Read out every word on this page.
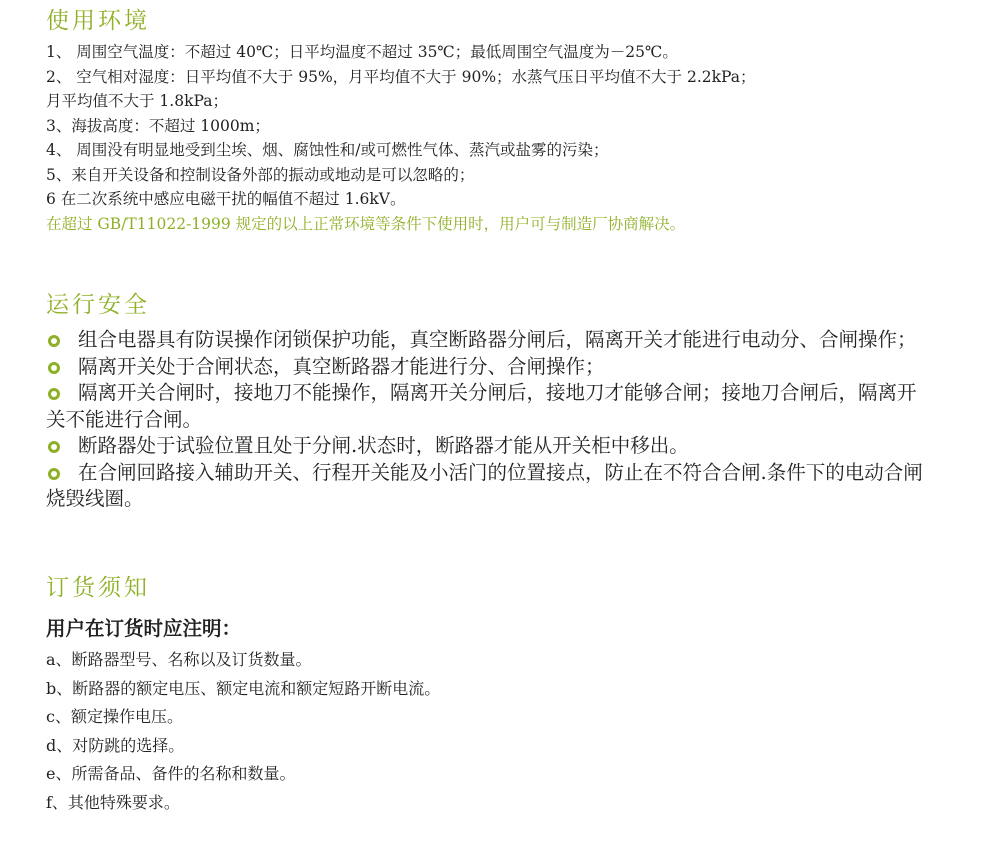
使用环境
1、 周围空气温度：不超过 40℃；日平均温度不超过 35℃；最低周围空气温度为－25℃。
2、 空气相对湿度：日平均值不大于 95%，月平均值不大于 90%；水蒸气压日平均值不大于 2.2kPa；
月平均值不大于 1.8kPa；
3、海拔高度：不超过 1000m；
4、 周围没有明显地受到尘埃、烟、腐蚀性和/或可燃性气体、蒸汽或盐雾的污染；
5、来自开关设备和控制设备外部的振动或地动是可以忽略的；
6 在二次系统中感应电磁干扰的幅值不超过 1.6kV。
在超过 GB/T11022-1999 规定的以上正常环境等条件下使用时，用户可与制造厂协商解决。
运行安全

组合电器具有防误操作闭锁保护功能，真空断路器分闸后，隔离开关才能进行电动分、合闸操作；

隔离开关处于合闸状态，真空断路器才能进行分、合闸操作；

隔离开关合闸时，接地刀不能操作，隔离开关分闸后，接地刀才能够合闸；接地刀合闸后，隔离开关不能进行合闸。

断路器处于试验位置且处于分闸.状态时，断路器才能从开关柜中移出。

在合闸回路接入辅助开关、行程开关能及小活门的位置接点，防止在不符合合闸.条件下的电动合闸烧毁线圈。

订货须知
用户在订货时应注明：
a、断路器型号、名称以及订货数量。
b、断路器的额定电压、额定电流和额定短路开断电流。
c、额定操作电压。
d、对防跳的选择。
e、所需备品、备件的名称和数量。
f、其他特殊要求。
